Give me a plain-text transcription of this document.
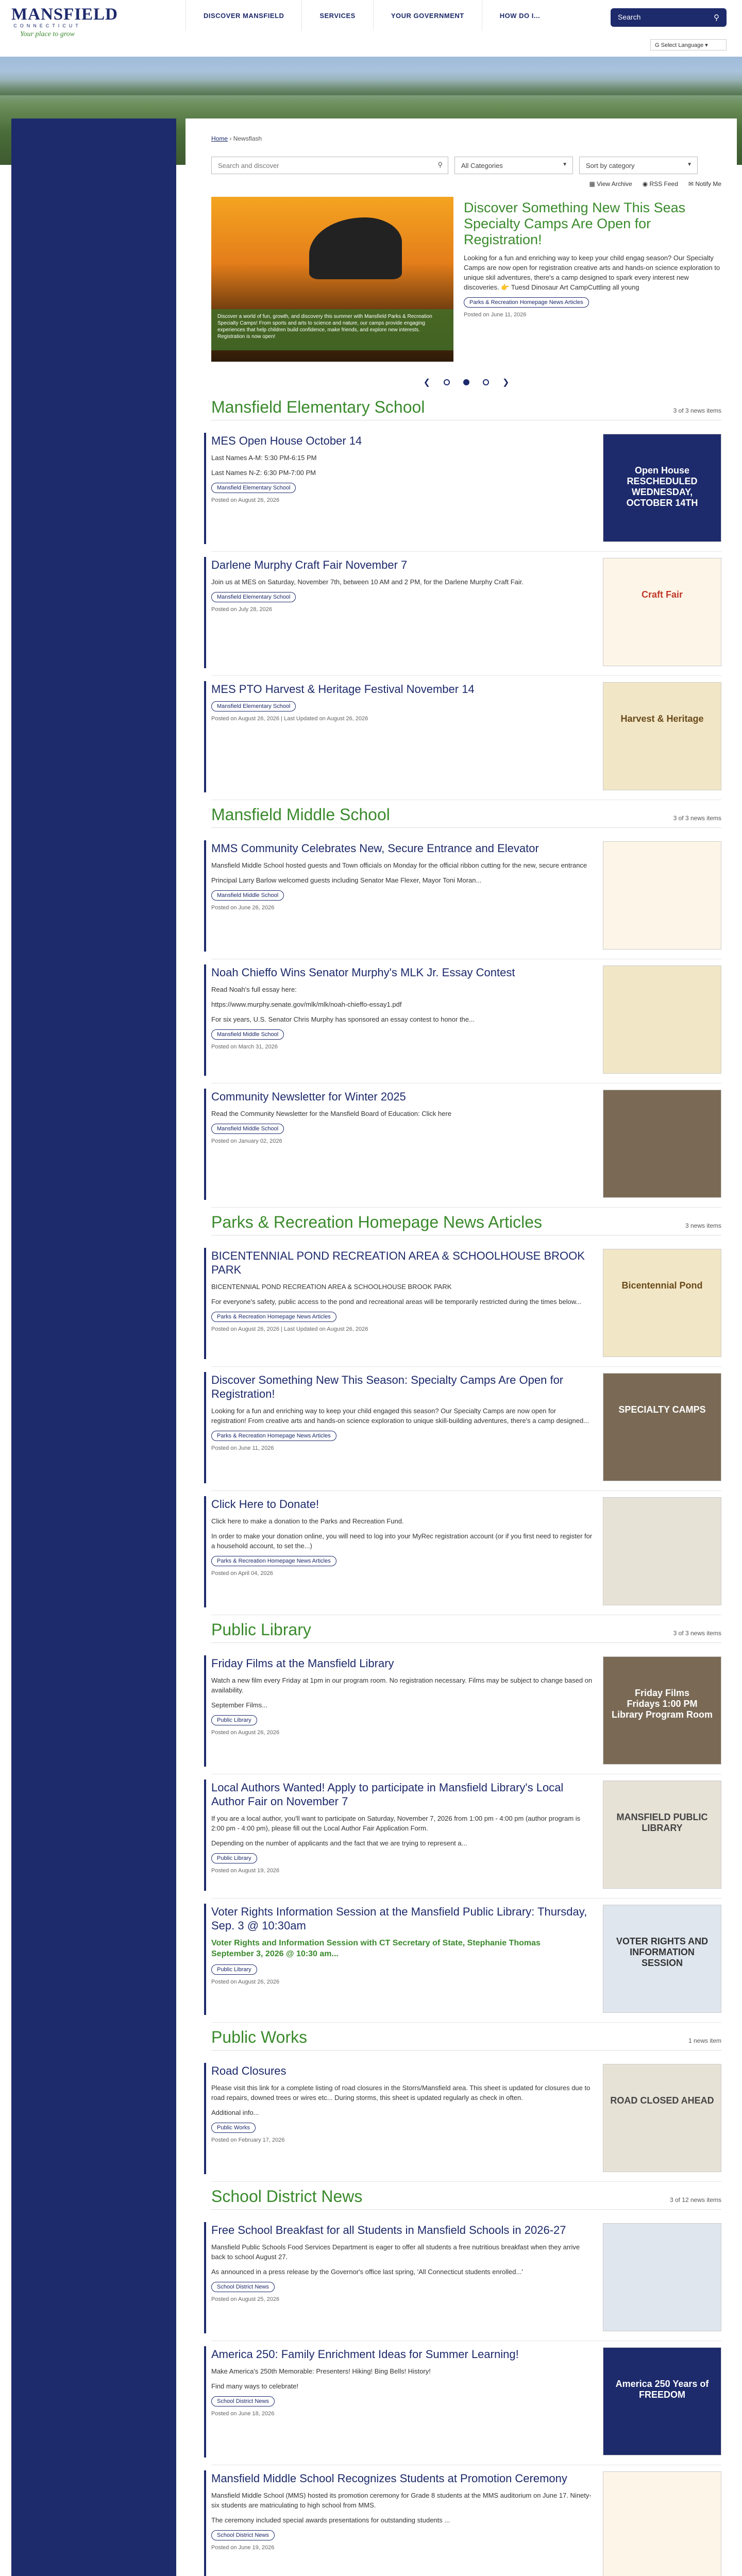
MANSFIELD
CONNECTICUT
Your place to grow
DISCOVER MANSFIELD	SERVICES	YOUR GOVERNMENT	HOW DO I...	Search	⚲
G Select Language ▾
Home › Newsflash
Search and discover	⚲	All Categories	▼	Sort by category	▼
▦ View Archive ◉ RSS Feed ✉ Notify Me
Discover a world of fun, growth, and discovery this summer with Mansfield Parks & Recreation Specialty Camps! From sports and arts to science and nature, our camps provide engaging experiences that help children build confidence, make friends, and explore new interests. Registration is now open!
Discover Something New This Seas Specialty Camps Are Open for Registration!
Looking for a fun and enriching way to keep your child engag season? Our Specialty Camps are now open for registration creative arts and hands-on science exploration to unique skil adventures, there's a camp designed to spark every interest new discoveries. 👉 Tuesd Dinosaur Art CampCuttling all young
Parks & Recreation Homepage News Articles
Posted on June 11, 2026
❮	❯
Mansfield Elementary School	3 of 3 news items
MES Open House October 14
Last Names A-M: 5:30 PM-6:15 PM
Last Names N-Z: 6:30 PM-7:00 PM
Mansfield Elementary School
Posted on August 26, 2026
Open House
RESCHEDULED
WEDNESDAY, OCTOBER 14TH
Darlene Murphy Craft Fair November 7
Join us at MES on Saturday, November 7th, between 10 AM and 2 PM, for the Darlene Murphy Craft Fair.
Mansfield Elementary School
Posted on July 28, 2026
Craft Fair
MES PTO Harvest & Heritage Festival November 14
Mansfield Elementary School
Posted on August 26, 2026 | Last Updated on August 26, 2026	Harvest & Heritage
Mansfield Middle School	3 of 3 news items
MMS Community Celebrates New, Secure Entrance and Elevator
Mansfield Middle School hosted guests and Town officials on Monday for the official ribbon cutting for the new, secure entrance
Principal Larry Barlow welcomed guests including Senator Mae Flexer, Mayor Toni Moran...
Mansfield Middle School
Posted on June 26, 2026
Noah Chieffo Wins Senator Murphy's MLK Jr. Essay Contest
Read Noah's full essay here:
https://www.murphy.senate.gov/mlk/mlk/noah-chieffo-essay1.pdf
For six years, U.S. Senator Chris Murphy has sponsored an essay contest to honor the...
Mansfield Middle School
Posted on March 31, 2026
Community Newsletter for Winter 2025
Read the Community Newsletter for the Mansfield Board of Education: Click here
Mansfield Middle School
Posted on January 02, 2026
Parks & Recreation Homepage News Articles	3 news items
BICENTENNIAL POND RECREATION AREA & SCHOOLHOUSE BROOK PARK
BICENTENNIAL POND RECREATION AREA & SCHOOLHOUSE BROOK PARK
For everyone's safety, public access to the pond and recreational areas will be temporarily restricted during the times below...
Parks & Recreation Homepage News Articles
Posted on August 26, 2026 | Last Updated on August 26, 2026
Bicentennial Pond
Discover Something New This Season: Specialty Camps Are Open for Registration!
Looking for a fun and enriching way to keep your child engaged this season? Our Specialty Camps are now open for registration! From creative arts and hands-on science exploration to unique skill-building adventures, there's a camp designed...
Parks & Recreation Homepage News Articles
Posted on June 11, 2026
SPECIALTY CAMPS
Click Here to Donate!
Click here to make a donation to the Parks and Recreation Fund.
In order to make your donation online, you will need to log into your MyRec registration account (or if you first need to register for a household account, to set the...)
Parks & Recreation Homepage News Articles
Posted on April 04, 2026
Public Library	3 of 3 news items
Friday Films at the Mansfield Library
Watch a new film every Friday at 1pm in our program room. No registration necessary. Films may be subject to change based on availability.
September Films...
Public Library
Posted on August 26, 2026
Friday Films
Fridays 1:00 PM
Library Program Room
Local Authors Wanted! Apply to participate in Mansfield Library's Local Author Fair on November 7
If you are a local author, you'll want to participate on Saturday, November 7, 2026 from 1:00 pm - 4:00 pm (author program is 2:00 pm - 4:00 pm), please fill out the Local Author Fair Application Form.
Depending on the number of applicants and the fact that we are trying to represent a...
Public Library
Posted on August 19, 2026
MANSFIELD PUBLIC LIBRARY
Voter Rights Information Session at the Mansfield Public Library: Thursday, Sep. 3 @ 10:30am
Voter Rights and Information Session with CT Secretary of State, Stephanie Thomas
September 3, 2026 @ 10:30 am...
Public Library
Posted on August 26, 2026
VOTER RIGHTS AND INFORMATION SESSION
Public Works	1 news item
Road Closures
Please visit this link for a complete listing of road closures in the Storrs/Mansfield area. This sheet is updated for closures due to road repairs, downed trees or wires etc... During storms, this sheet is updated regularly as check in often.
Additional info...
Public Works
Posted on February 17, 2026
ROAD CLOSED AHEAD
School District News	3 of 12 news items
Free School Breakfast for all Students in Mansfield Schools in 2026-27
Mansfield Public Schools Food Services Department is eager to offer all students a free nutritious breakfast when they arrive back to school August 27.
As announced in a press release by the Governor's office last spring, 'All Connecticut students enrolled...'
School District News
Posted on August 25, 2026
America 250: Family Enrichment Ideas for Summer Learning!
Make America's 250th Memorable: Presenters! Hiking! Bing Bells! History!
Find many ways to celebrate!
School District News
Posted on June 18, 2026
America 250 Years of FREEDOM
Mansfield Middle School Recognizes Students at Promotion Ceremony
Mansfield Middle School (MMS) hosted its promotion ceremony for Grade 8 students at the MMS auditorium on June 17. Ninety-six students are matriculating to high school from MMS.
The ceremony included special awards presentations for outstanding students ...
School District News
Posted on June 19, 2026
